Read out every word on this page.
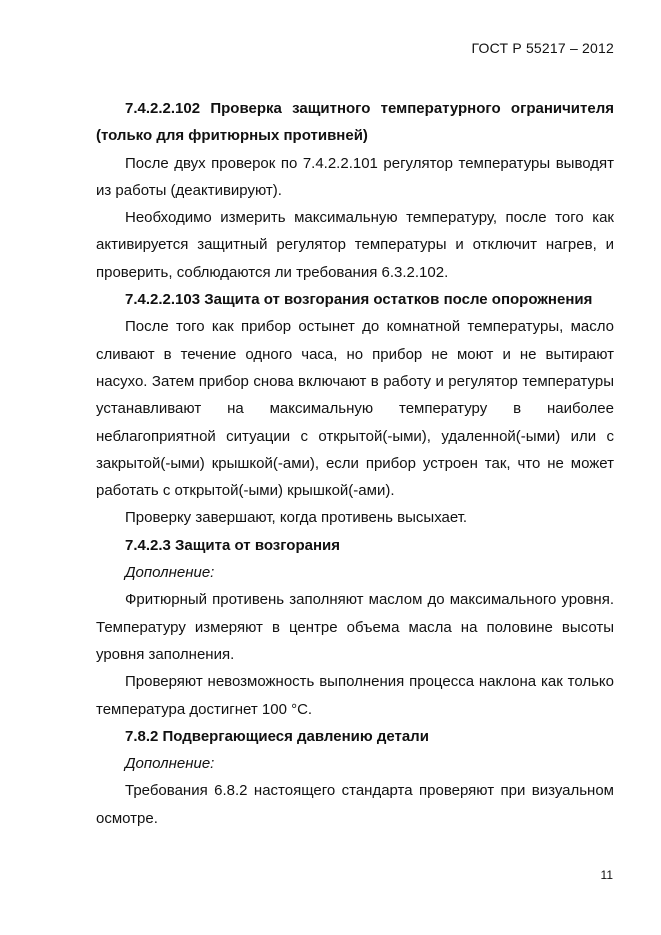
ГОСТ Р 55217 – 2012

7.4.2.2.102 Проверка защитного температурного ограничителя (только для фритюрных противней)

После двух проверок по 7.4.2.2.101 регулятор температуры выводят из работы (деактивируют).

Необходимо измерить максимальную температуру, после того как активируется защитный регулятор температуры и отключит нагрев, и проверить, соблюдаются ли требования 6.3.2.102.

7.4.2.2.103 Защита от возгорания остатков после опорожнения

После того как прибор остынет до комнатной температуры, масло сливают в течение одного часа, но прибор не моют и не вытирают насухо. Затем прибор снова включают в работу и регулятор температуры устанавливают на максимальную температуру в наиболее неблагоприятной ситуации с открытой(-ыми), удаленной(-ыми) или с закрытой(-ыми) крышкой(-ами), если прибор устроен так, что не может работать с открытой(-ыми) крышкой(-ами).

Проверку завершают, когда противень высыхает.

7.4.2.3 Защита от возгорания

Дополнение:

Фритюрный противень заполняют маслом до максимального уровня. Температуру измеряют в центре объема масла на половине высоты уровня заполнения.

Проверяют невозможность выполнения процесса наклона как только температура достигнет 100 °С.

7.8.2 Подвергающиеся давлению детали

Дополнение:

Требования 6.8.2 настоящего стандарта проверяют при визуальном осмотре.

11
